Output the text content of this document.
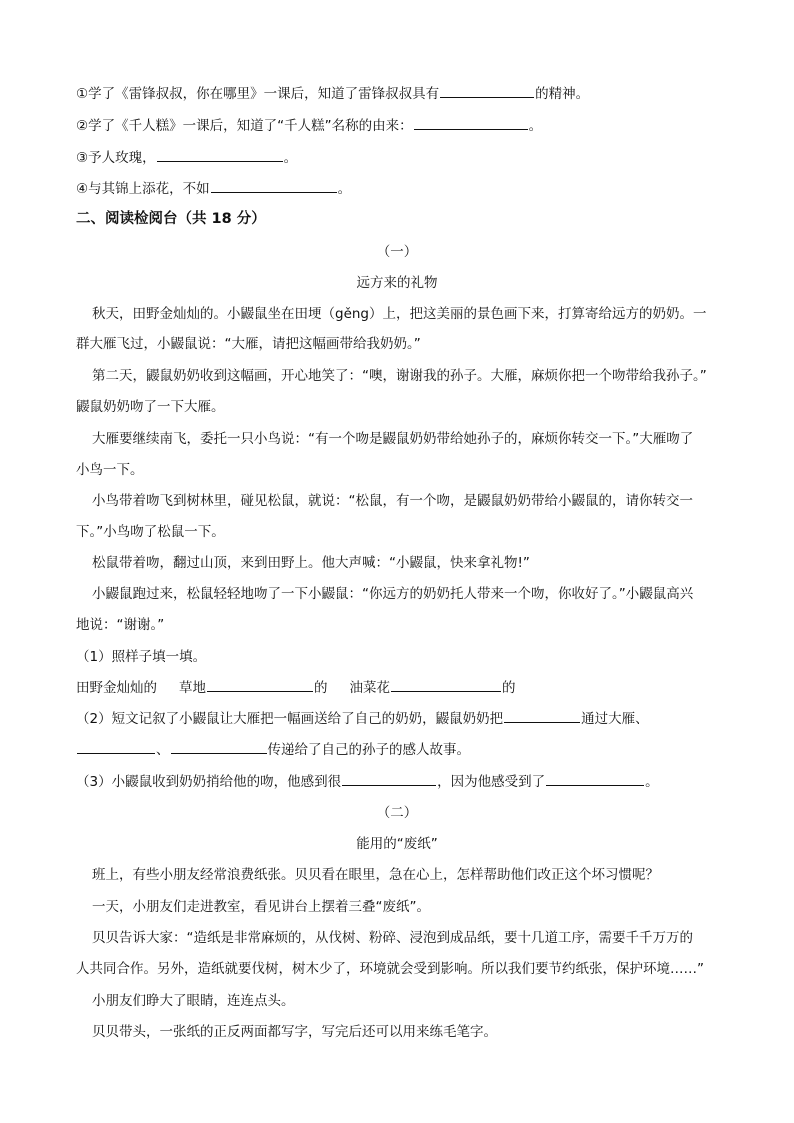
①学了《雷锋叔叔，你在哪里》一课后，知道了雷锋叔叔具有	的精神。
②学了《千人糕》一课后，知道了“千人糕”名称的由来：	。
③予人玫瑰，	。
④与其锦上添花，不如	。
二、阅读检阅台（共 18 分）
（一）
远方来的礼物
秋天，田野金灿灿的。小鼹鼠坐在田埂（gěng）上，把这美丽的景色画下来，打算寄给远方的奶奶。一
群大雁飞过，小鼹鼠说：“大雁，请把这幅画带给我奶奶。”
第二天，鼹鼠奶奶收到这幅画，开心地笑了：“噢，谢谢我的孙子。大雁，麻烦你把一个吻带给我孙子。”
鼹鼠奶奶吻了一下大雁。
大雁要继续南飞，委托一只小鸟说：“有一个吻是鼹鼠奶奶带给她孙子的，麻烦你转交一下。”大雁吻了
小鸟一下。
小鸟带着吻飞到树林里，碰见松鼠，就说：“松鼠，有一个吻，是鼹鼠奶奶带给小鼹鼠的，请你转交一
下。”小鸟吻了松鼠一下。
松鼠带着吻，翻过山顶，来到田野上。他大声喊：“小鼹鼠，快来拿礼物!”
小鼹鼠跑过来，松鼠轻轻地吻了一下小鼹鼠：“你远方的奶奶托人带来一个吻，你收好了。”小鼹鼠高兴
地说：“谢谢。”
（1）照样子填一填。
田野金灿灿的 草地	的 油菜花	的
（2）短文记叙了小鼹鼠让大雁把一幅画送给了自己的奶奶，鼹鼠奶奶把	通过大雁、
、	传递给了自己的孙子的感人故事。
（3）小鼹鼠收到奶奶捎给他的吻，他感到很	，因为他感受到了	。
（二）
能用的“废纸”
班上，有些小朋友经常浪费纸张。贝贝看在眼里，急在心上，怎样帮助他们改正这个坏习惯呢？
一天，小朋友们走进教室，看见讲台上摆着三叠“废纸”。
贝贝告诉大家：“造纸是非常麻烦的，从伐树、粉碎、浸泡到成品纸，要十几道工序，需要千千万万的
人共同合作。另外，造纸就要伐树，树木少了，环境就会受到影响。所以我们要节约纸张，保护环境……”
小朋友们睁大了眼睛，连连点头。
贝贝带头，一张纸的正反两面都写字，写完后还可以用来练毛笔字。
